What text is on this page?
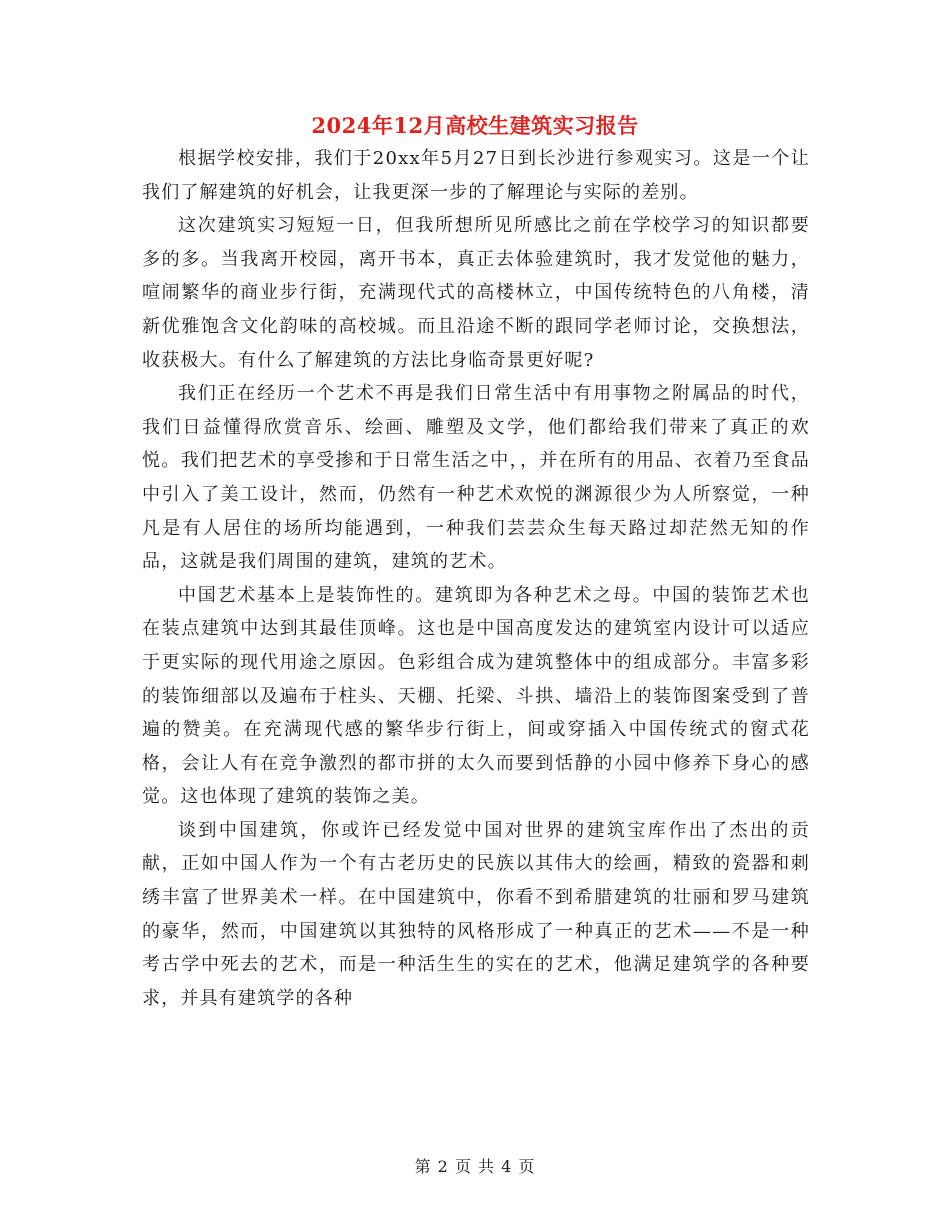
2024年12月高校生建筑实习报告

根据学校安排，我们于20xx年5月27日到长沙进行参观实习。这是一个让我们了解建筑的好机会，让我更深一步的了解理论与实际的差别。

这次建筑实习短短一日，但我所想所见所感比之前在学校学习的知识都要多的多。当我离开校园，离开书本，真正去体验建筑时，我才发觉他的魅力，喧闹繁华的商业步行街，充满现代式的高楼林立，中国传统特色的八角楼，清新优雅饱含文化韵味的高校城。而且沿途不断的跟同学老师讨论，交换想法，收获极大。有什么了解建筑的方法比身临奇景更好呢?

我们正在经历一个艺术不再是我们日常生活中有用事物之附属品的时代，我们日益懂得欣赏音乐、绘画、雕塑及文学，他们都给我们带来了真正的欢悦。我们把艺术的享受掺和于日常生活之中，，并在所有的用品、衣着乃至食品中引入了美工设计，然而，仍然有一种艺术欢悦的渊源很少为人所察觉，一种凡是有人居住的场所均能遇到，一种我们芸芸众生每天路过却茫然无知的作品，这就是我们周围的建筑，建筑的艺术。

中国艺术基本上是装饰性的。建筑即为各种艺术之母。中国的装饰艺术也在装点建筑中达到其最佳顶峰。这也是中国高度发达的建筑室内设计可以适应于更实际的现代用途之原因。色彩组合成为建筑整体中的组成部分。丰富多彩的装饰细部以及遍布于柱头、天棚、托梁、斗拱、墙沿上的装饰图案受到了普遍的赞美。在充满现代感的繁华步行街上，间或穿插入中国传统式的窗式花格，会让人有在竞争激烈的都市拼的太久而要到恬静的小园中修养下身心的感觉。这也体现了建筑的装饰之美。

谈到中国建筑，你或许已经发觉中国对世界的建筑宝库作出了杰出的贡献，正如中国人作为一个有古老历史的民族以其伟大的绘画，精致的瓷器和刺绣丰富了世界美术一样。在中国建筑中，你看不到希腊建筑的壮丽和罗马建筑的豪华，然而，中国建筑以其独特的风格形成了一种真正的艺术——不是一种考古学中死去的艺术，而是一种活生生的实在的艺术，他满足建筑学的各种要求，并具有建筑学的各种

第 2 页 共 4 页
